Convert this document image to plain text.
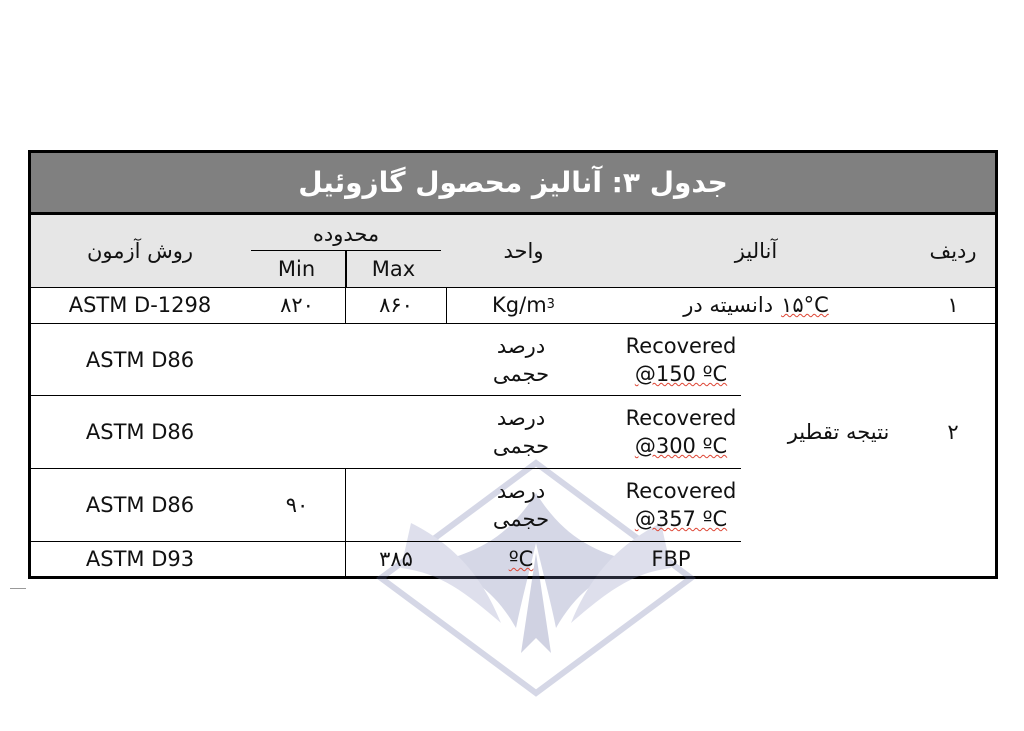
جدول ۳: آنالیز محصول گازوئیل
ردیف
آنالیز
واحد
محدوده
Max
Min
روش آزمون
۱
دانسیته در ۱۵°C
Kg/m 3
۸۶۰
۸۲۰
ASTM D-1298
نتیجه تقطیر	۲
Recovered
@150 ºC
درصد
حجمی
ASTM D86
Recovered
@300 ºC
درصد
حجمی
ASTM D86
Recovered
@357 ºC
درصد
حجمی
۹۰
ASTM D86
FBP
ºC
۳۸۵
ASTM D93
